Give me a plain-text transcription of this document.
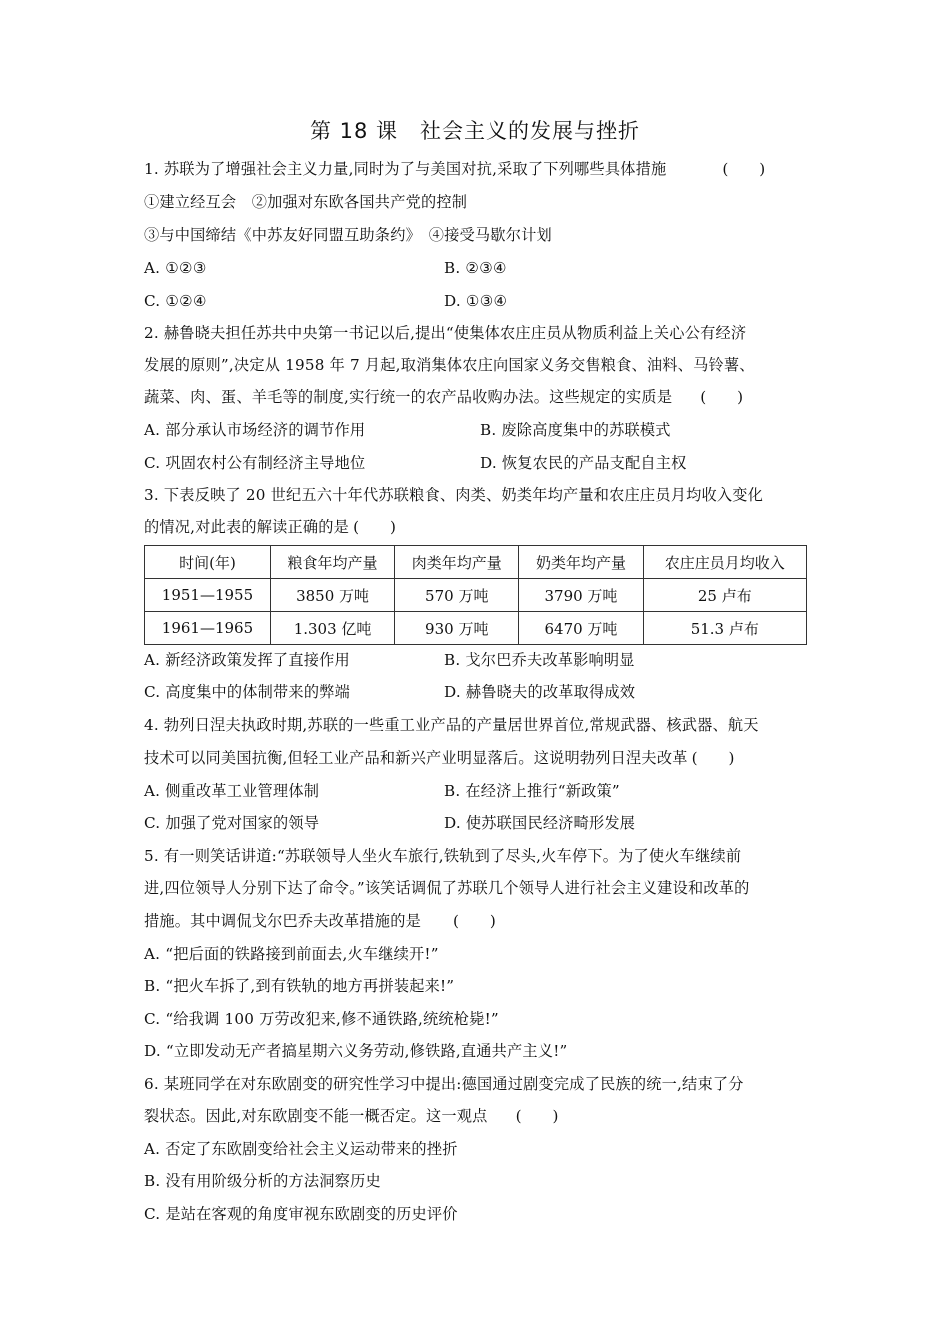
第 18 课　社会主义的发展与挫折
1. 苏联为了增强社会主义力量,同时为了与美国对抗,采取了下列哪些具体措施	(　　)
①建立经互会　②加强对东欧各国共产党的控制
③与中国缔结《中苏友好同盟互助条约》　④接受马歇尔计划
A. ①②③	B. ②③④
C. ①②④	D. ①③④
2. 赫鲁晓夫担任苏共中央第一书记以后,提出“使集体农庄庄员从物质利益上关心公有经济
发展的原则”,决定从 1958 年 7 月起,取消集体农庄向国家义务交售粮食、油料、马铃薯、
蔬菜、肉、蛋、羊毛等的制度,实行统一的农产品收购办法。这些规定的实质是 (　　)
A. 部分承认市场经济的调节作用	B. 废除高度集中的苏联模式
C. 巩固农村公有制经济主导地位	D. 恢复农民的产品支配自主权
3. 下表反映了 20 世纪五六十年代苏联粮食、肉类、奶类年均产量和农庄庄员月均收入变化
的情况,对此表的解读正确的是 (　　)
时间(年)	粮食年均产量	肉类年均产量	奶类年均产量	农庄庄员月均收入
1951—1955	3850 万吨	570 万吨	3790 万吨	25 卢布
1961—1965	1.303 亿吨	930 万吨	6470 万吨	51.3 卢布
A. 新经济政策发挥了直接作用	B. 戈尔巴乔夫改革影响明显
C. 高度集中的体制带来的弊端	D. 赫鲁晓夫的改革取得成效
4. 勃列日涅夫执政时期,苏联的一些重工业产品的产量居世界首位,常规武器、核武器、航天
技术可以同美国抗衡,但轻工业产品和新兴产业明显落后。这说明勃列日涅夫改革 (　　)
A. 侧重改革工业管理体制	B. 在经济上推行“新政策”
C. 加强了党对国家的领导	D. 使苏联国民经济畸形发展
5. 有一则笑话讲道:“苏联领导人坐火车旅行,铁轨到了尽头,火车停下。为了使火车继续前
进,四位领导人分别下达了命令。”该笑话调侃了苏联几个领导人进行社会主义建设和改革的
措施。其中调侃戈尔巴乔夫改革措施的是 (　　)
A. “把后面的铁路接到前面去,火车继续开!”
B. “把火车拆了,到有铁轨的地方再拼装起来!”
C. “给我调 100 万劳改犯来,修不通铁路,统统枪毙!”
D. “立即发动无产者搞星期六义务劳动,修铁路,直通共产主义!”
6. 某班同学在对东欧剧变的研究性学习中提出:德国通过剧变完成了民族的统一,结束了分
裂状态。因此,对东欧剧变不能一概否定。这一观点 (　　)
A. 否定了东欧剧变给社会主义运动带来的挫折
B. 没有用阶级分析的方法洞察历史
C. 是站在客观的角度审视东欧剧变的历史评价
